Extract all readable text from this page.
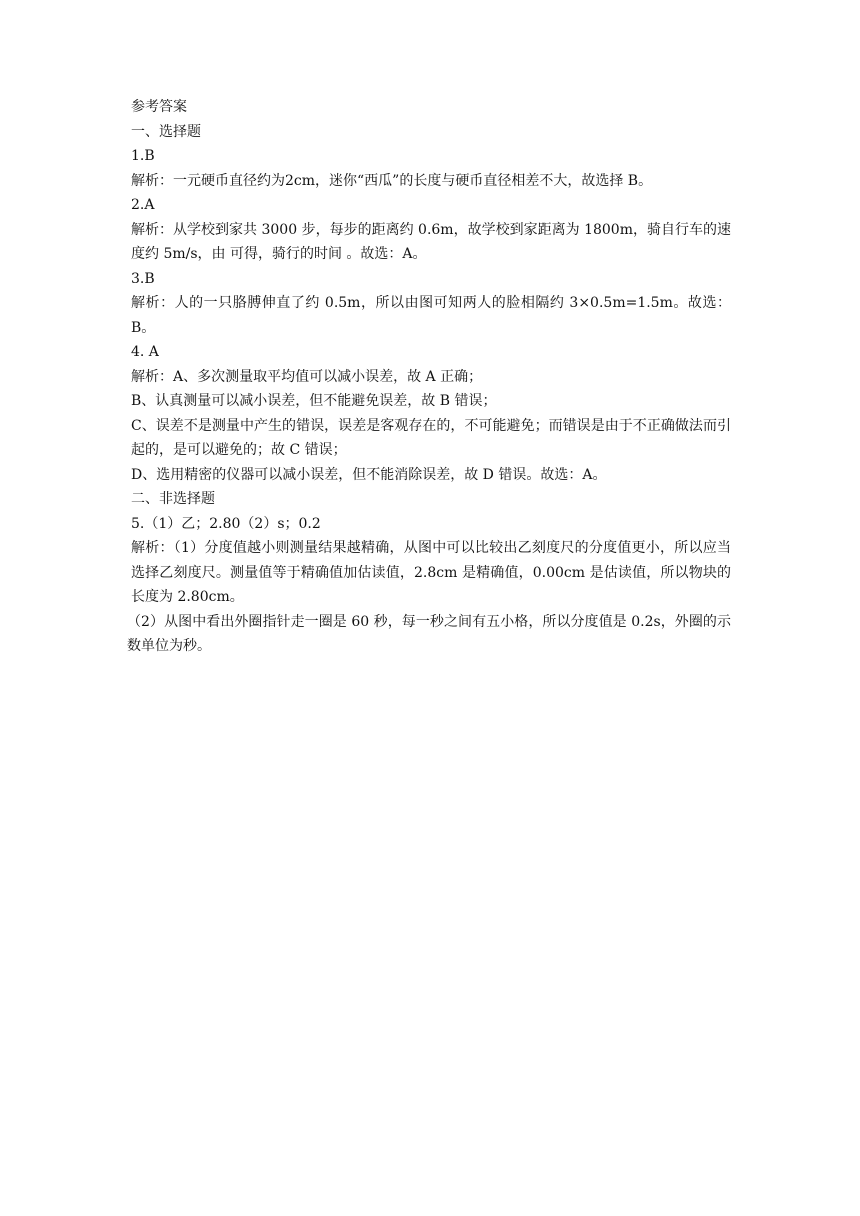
参考答案
一、选择题
1.B
解析：一元硬币直径约为2cm，迷你“西瓜”的长度与硬币直径相差不大，故选择 B。
2.A
解析：从学校到家共 3000 步，每步的距离约 0.6m，故学校到家距离为 1800m，骑自行车的速度约 5m/s，由 可得，骑行的时间 。故选：A。
3.B
解析：人的一只胳膊伸直了约 0.5m，所以由图可知两人的脸相隔约 3×0.5m=1.5m。故选：B。
4. A
解析：A、多次测量取平均值可以减小误差，故 A 正确；
B、认真测量可以减小误差，但不能避免误差，故 B 错误；
C、误差不是测量中产生的错误，误差是客观存在的，不可能避免；而错误是由于不正确做法而引起的，是可以避免的；故 C 错误；
D、选用精密的仪器可以减小误差，但不能消除误差，故 D 错误。故选：A。
二、非选择题
5.（1）乙；2.80（2）s；0.2
解析：（1）分度值越小则测量结果越精确，从图中可以比较出乙刻度尺的分度值更小，所以应当选择乙刻度尺。测量值等于精确值加估读值，2.8cm 是精确值，0.00cm 是估读值，所以物块的长度为 2.80cm。
（2）从图中看出外圈指针走一圈是 60 秒，每一秒之间有五小格，所以分度值是 0.2s，外圈的示数单位为秒。
